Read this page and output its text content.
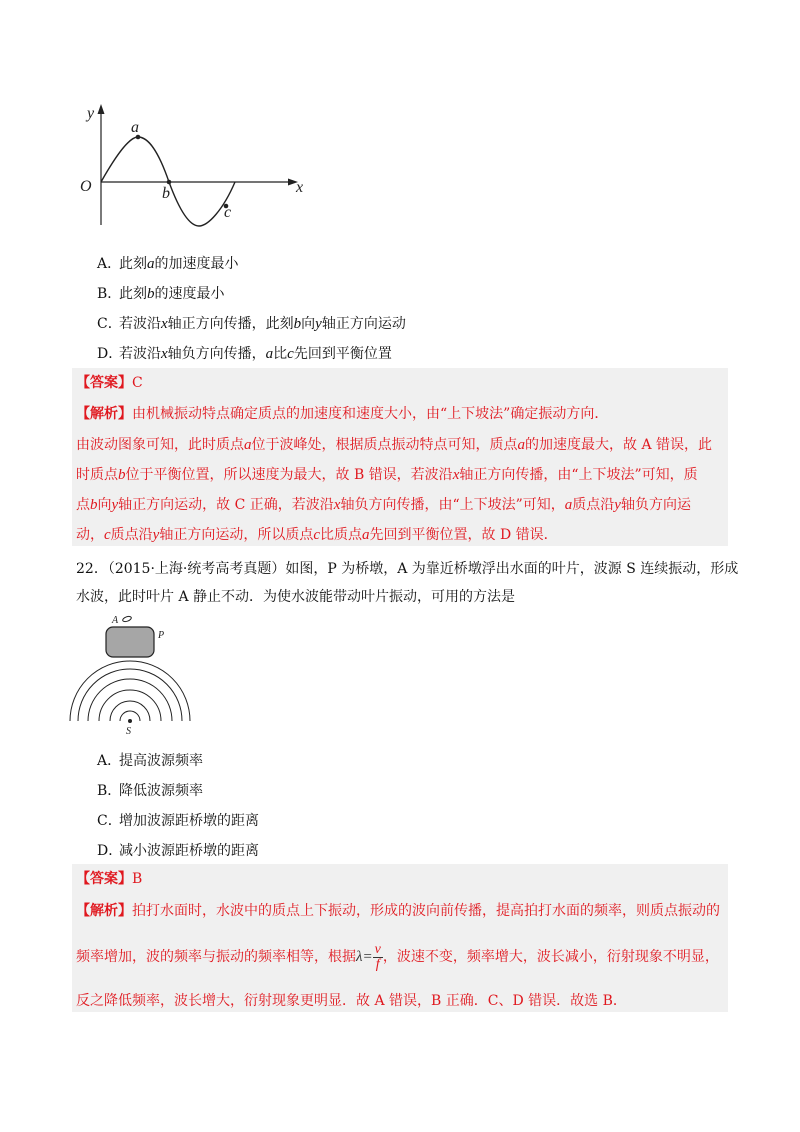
y
x
O
a
b
c
A．此刻a的加速度最小
B．此刻b的速度最小
C．若波沿x轴正方向传播，此刻b向y轴正方向运动
D．若波沿x轴负方向传播，a比c先回到平衡位置
【答案】C
【解析】由机械振动特点确定质点的加速度和速度大小，由“上下坡法”确定振动方向．
由波动图象可知，此时质点a位于波峰处，根据质点振动特点可知，质点a的加速度最大，故 A 错误，此
时质点b位于平衡位置，所以速度为最大，故 B 错误，若波沿x轴正方向传播，由“上下坡法”可知，质
点b向y轴正方向运动，故 C 正确，若波沿x轴负方向传播，由“上下坡法”可知，a质点沿y轴负方向运
动，c质点沿y轴正方向运动，所以质点c比质点a先回到平衡位置，故 D 错误．
22．（2015·上海·统考高考真题）如图，P 为桥墩，A 为靠近桥墩浮出水面的叶片，波源 S 连续振动，形成
水波，此时叶片 A 静止不动．为使水波能带动叶片振动，可用的方法是
A
P
S
A．提高波源频率
B．降低波源频率
C．增加波源距桥墩的距离
D．减小波源距桥墩的距离
【答案】B
【解析】拍打水面时，水波中的质点上下振动，形成的波向前传播，提高拍打水面的频率，则质点振动的
频率增加，波的频率与振动的频率相等，根据$\lambda= \frac{v}{f}$ ，波速不变，频率增大，波长减小，衍射现象不明显，
反之降低频率，波长增大，衍射现象更明显．故 A 错误，B 正确．C、D 错误．故选 B．
